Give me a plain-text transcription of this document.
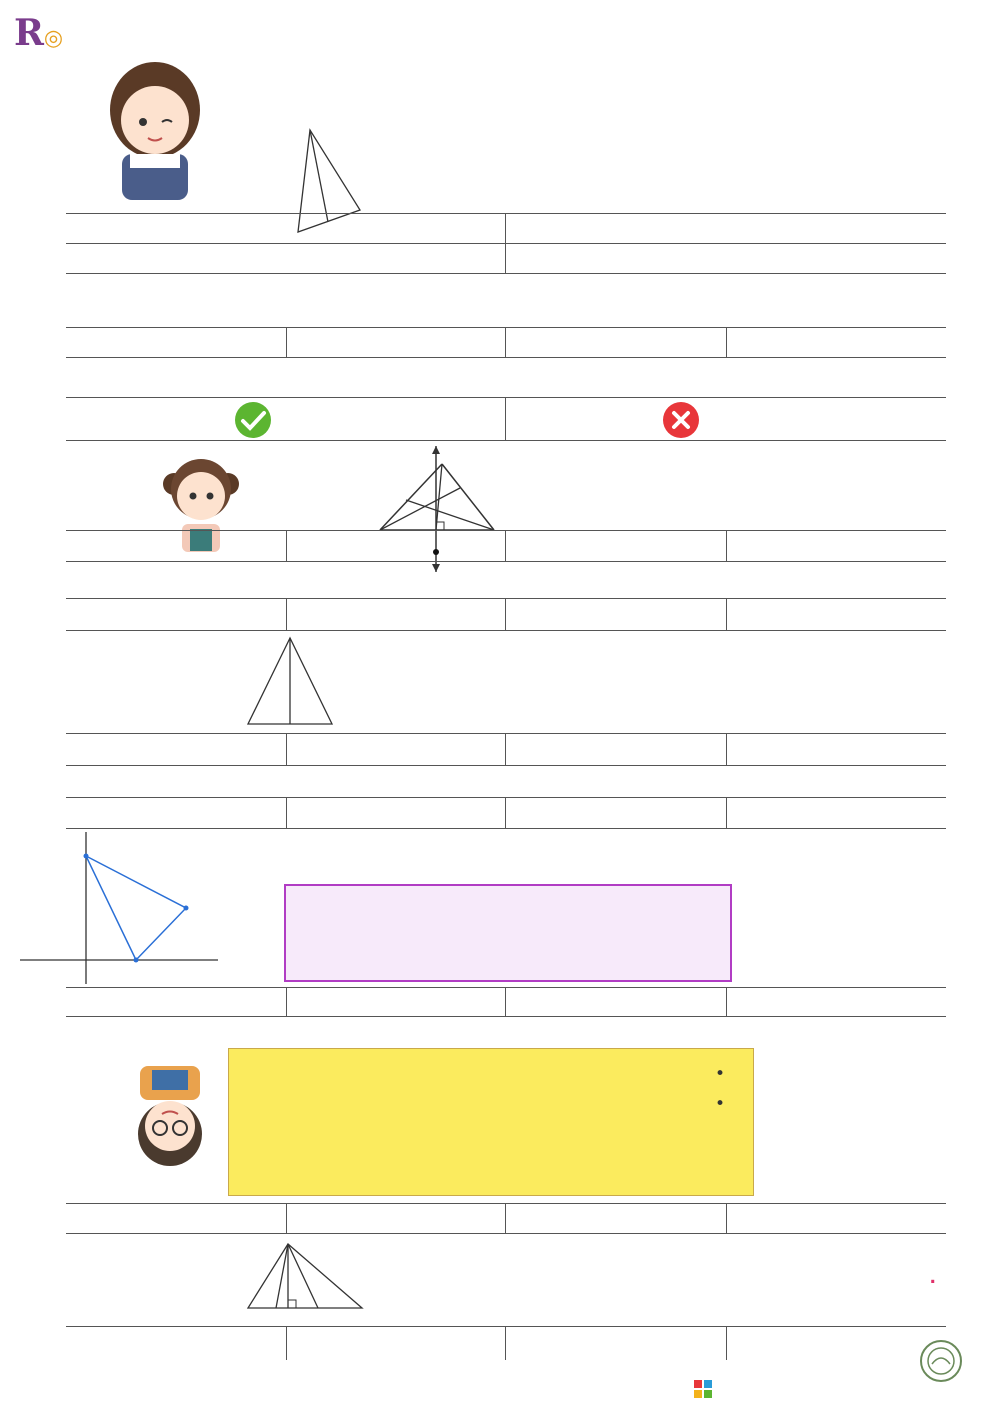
R◎

•
•

.
